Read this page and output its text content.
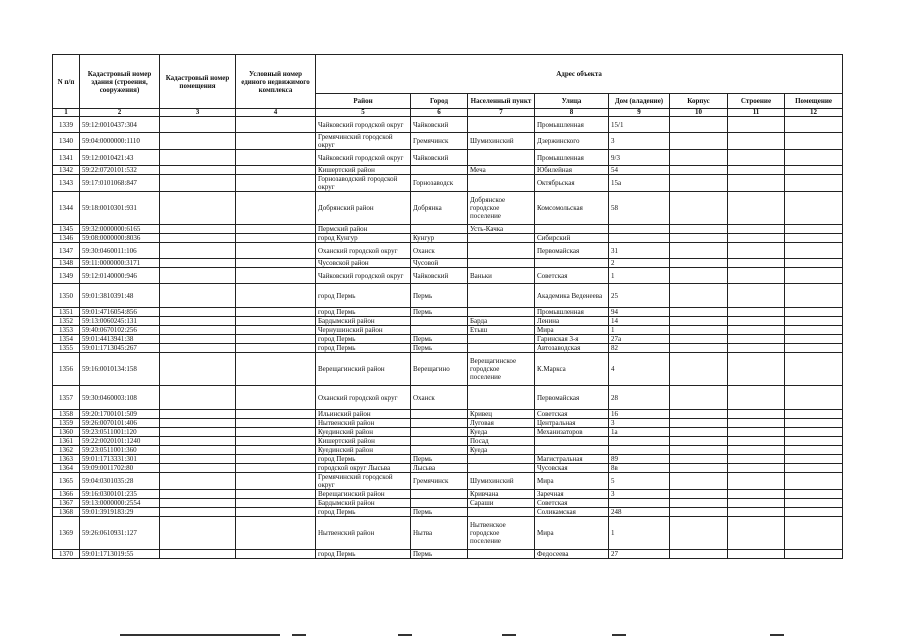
N п/п	Кадастровый номер здания (строения, сооружения)	Кадастровый номер помещения	Условный номер единого недвижимого комплекса	Адрес объекта							
				Район	Город	Населенный пункт	Улица	Дом (владение)	Корпус	Строение	Помещение
1	2	3	4	5	6	7	8	9	10	11	12
1339	59:12:0010437:304			Чайковский городской округ	Чайковский		Промышленная	15/1			
1340	59:04:0000000:1110			Гремячинский городской округ	Гремячинск	Шумихинский	Дзержинского	3			
1341	59:12:0010421:43			Чайковский городской округ	Чайковский		Промышленная	9/3			
1342	59:22:0720101:532			Кишертский район		Меча	Юбилейная	54			
1343	59:17:0101068:847			Горнозаводский городской округ	Горнозаводск		Октябрьская	15а			
1344	59:18:0010301:931			Добрянский район	Добрянка	Добрянское городское поселение	Комсомольская	58			
1345	59:32:0000000:6165			Пермский район		Усть-Качка					
1346	59:08:0000000:8036			город Кунгур	Кунгур		Сибирский				
1347	59:30:0460011:106			Оханский городской округ	Оханск		Первомайская	31			
1348	59:11:0000000:3171			Чусовской район	Чусовой			2			
1349	59:12:0140000:946			Чайковский городской округ	Чайковский	Ваньки	Советская	1			
1350	59:01:3810391:48			город Пермь	Пермь		Академика Веденеева	25			
1351	59:01:4716054:856			город Пермь	Пермь		Промышленная	94			
1352	59:13:0060245:131			Бардымский район		Барда	Ленина	14			
1353	59:40:0670102:256			Чернушинский район		Етыш	Мира	1			
1354	59:01:4413941:38			город Пермь	Пермь		Гаринская 3-я	27а			
1355	59:01:1713045:267			город Пермь	Пермь		Автозаводская	82			
1356	59:16:0010134:158			Верещагинский район	Верещагино	Верещагинское городское поселение	К.Маркса	4			
1357	59:30:0460003:108			Оханский городской округ	Оханск		Первомайская	28			
1358	59:20:1700101:509			Ильинский район		Кривец	Советская	16			
1359	59:26:0070101:406			Нытвенский район		Луговая	Центральная	3			
1360	59:23:0511001:120			Куединский район		Куеда	Механизаторов	1а			
1361	59:22:0020101:1240			Кишертский район		Посад					
1362	59:23:0511001:360			Куединский район		Куеда					
1363	59:01:1713331:301			город Пермь	Пермь		Магистральная	89			
1364	59:09:0011702:80			городской округ Лысьва	Лысьва		Чусовская	8в			
1365	59:04:0301035:28			Гремячинский городской округ	Гремячинск	Шумихинский	Мира	5			
1366	59:16:0300101:235			Верещагинский район		Кривчана	Заречная	3			
1367	59:13:0000000:2554			Бардымский район		Сараши	Советская				
1368	59:01:3919183:29			город Пермь	Пермь		Соликамская	248			
1369	59:26:0610931:127			Нытвенский район	Нытва	Нытвенское городское поселение	Мира	1			
1370	59:01:1713019:55			город Пермь	Пермь		Федосеева	27			
